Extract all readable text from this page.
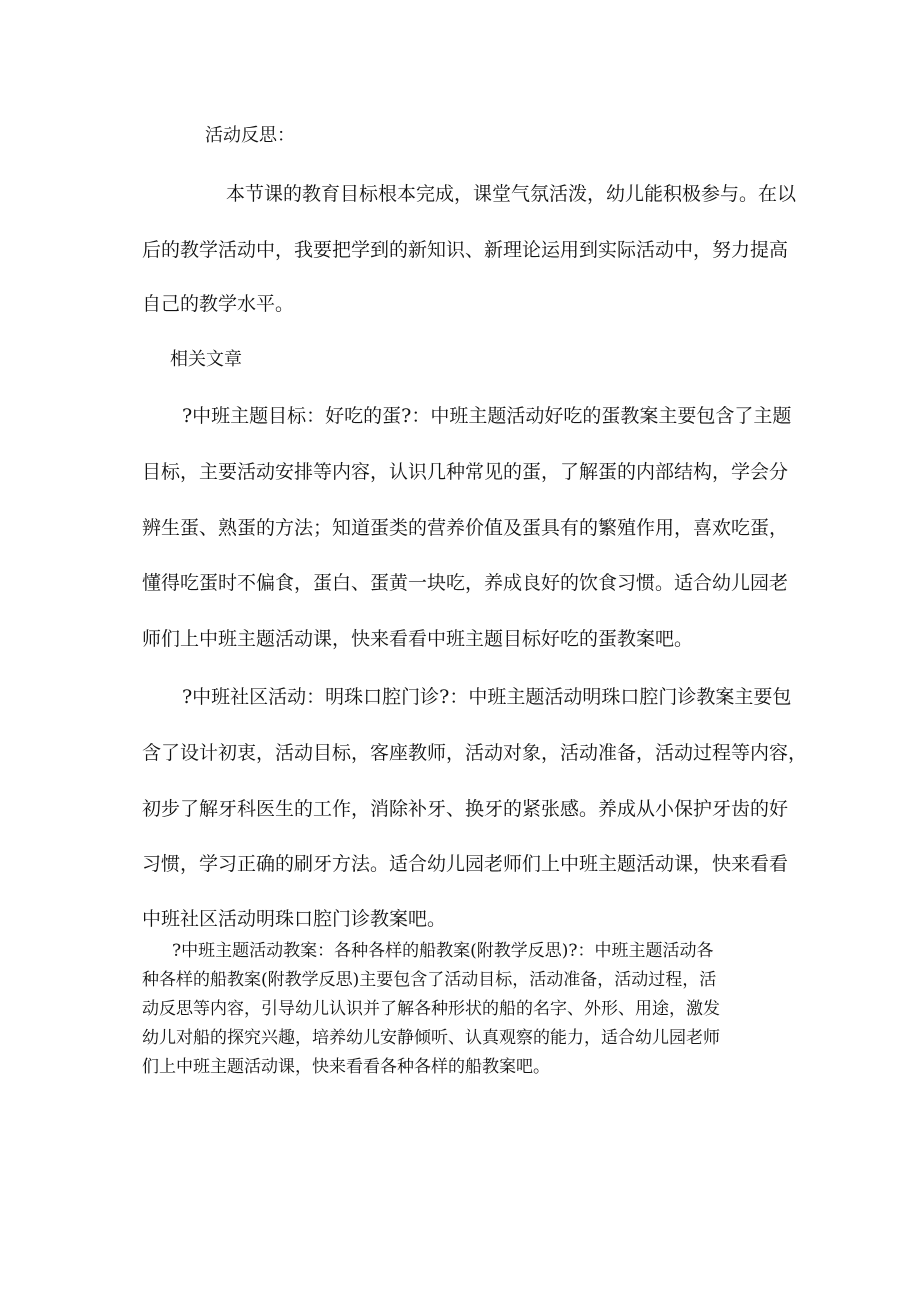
活动反思：
本节课的教育目标根本完成，课堂气氛活泼，幼儿能积极参与。在以
后的教学活动中，我要把学到的新知识、新理论运用到实际活动中，努力提高
自己的教学水平。
相关文章
?中班主题目标：好吃的蛋?：中班主题活动好吃的蛋教案主要包含了主题
目标，主要活动安排等内容，认识几种常见的蛋，了解蛋的内部结构，学会分
辨生蛋、熟蛋的方法；知道蛋类的营养价值及蛋具有的繁殖作用，喜欢吃蛋，
懂得吃蛋时不偏食，蛋白、蛋黄一块吃，养成良好的饮食习惯。适合幼儿园老
师们上中班主题活动课，快来看看中班主题目标好吃的蛋教案吧。
?中班社区活动：明珠口腔门诊?：中班主题活动明珠口腔门诊教案主要包
含了设计初衷，活动目标，客座教师，活动对象，活动准备，活动过程等内容，
初步了解牙科医生的工作，消除补牙、换牙的紧张感。养成从小保护牙齿的好
习惯，学习正确的刷牙方法。适合幼儿园老师们上中班主题活动课，快来看看
中班社区活动明珠口腔门诊教案吧。
?中班主题活动教案：各种各样的船教案(附教学反思)?：中班主题活动各
种各样的船教案(附教学反思)主要包含了活动目标，活动准备，活动过程，活
动反思等内容，引导幼儿认识并了解各种形状的船的名字、外形、用途，激发
幼儿对船的探究兴趣，培养幼儿安静倾听、认真观察的能力，适合幼儿园老师
们上中班主题活动课，快来看看各种各样的船教案吧。
